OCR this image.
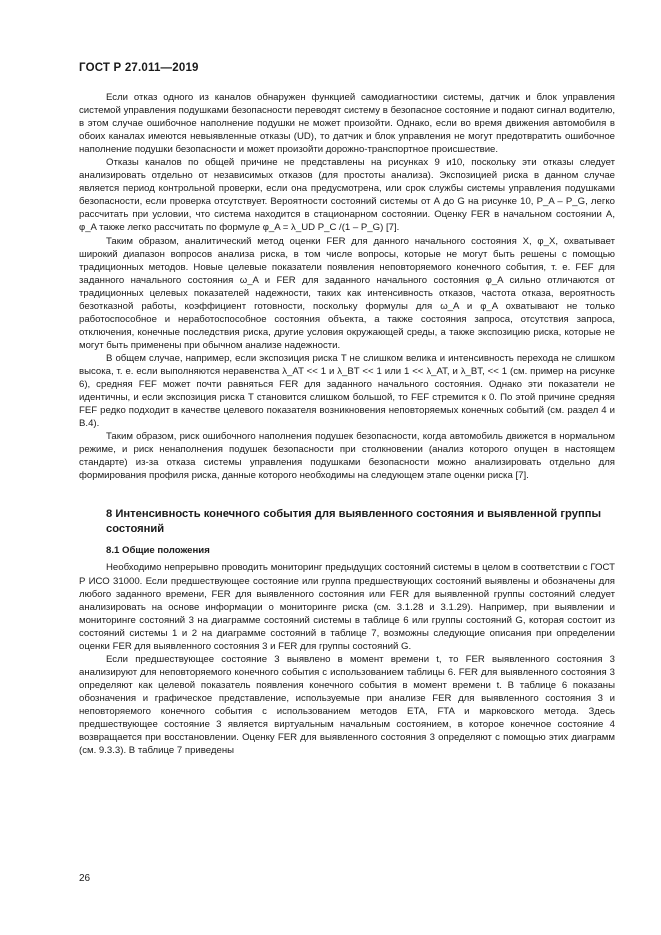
ГОСТ Р 27.011—2019

Если отказ одного из каналов обнаружен функцией самодиагностики системы, датчик и блок управления системой управления подушками безопасности переводят систему в безопасное состояние и подают сигнал водителю, в этом случае ошибочное наполнение подушки не может произойти. Однако, если во время движения автомобиля в обоих каналах имеются невыявленные отказы (UD), то датчик и блок управления не могут предотвратить ошибочное наполнение подушки безопасности и может произойти дорожно-транспортное происшествие.

Отказы каналов по общей причине не представлены на рисунках 9 и10, поскольку эти отказы следует анализировать отдельно от независимых отказов (для простоты анализа). Экспозицией риска в данном случае является период контрольной проверки, если она предусмотрена, или срок службы системы управления подушками безопасности, если проверка отсутствует. Вероятности состояний системы от А до G на рисунке 10, P_A – P_G, легко рассчитать при условии, что система находится в стационарном состоянии. Оценку FER в начальном состоянии A, φ_A также легко рассчитать по формуле φ_A = λ_UD P_C /(1 – P_G) [7].

Таким образом, аналитический метод оценки FER для данного начального состояния X, φ_X, охватывает широкий диапазон вопросов анализа риска, в том числе вопросы, которые не могут быть решены с помощью традиционных методов. Новые целевые показатели появления неповторяемого конечного события, т. е. FEF для заданного начального состояния ω_A и FER для заданного начального состояния φ_A сильно отличаются от традиционных целевых показателей надежности, таких как интенсивность отказов, частота отказа, вероятность безотказной работы, коэффициент готовности, поскольку формулы для ω_A и φ_A охватывают не только работоспособное и неработоспособное состояния объекта, а также состояния запроса, отсутствия запроса, отключения, конечные последствия риска, другие условия окружающей среды, а также экспозицию риска, которые не могут быть применены при обычном анализе надежности.

В общем случае, например, если экспозиция риска T не слишком велика и интенсивность перехода не слишком высока, т. е. если выполняются неравенства λ_AT << 1 и λ_BT << 1 или 1 << λ_AT, и λ_BT, << 1 (см. пример на рисунке 6), средняя FEF может почти равняться FER для заданного начального состояния. Однако эти показатели не идентичны, и если экспозиция риска T становится слишком большой, то FEF стремится к 0. По этой причине средняя FEF редко подходит в качестве целевого показателя возникновения неповторяемых конечных событий (см. раздел 4 и В.4).

Таким образом, риск ошибочного наполнения подушек безопасности, когда автомобиль движется в нормальном режиме, и риск ненаполнения подушек безопасности при столкновении (анализ которого опущен в настоящем стандарте) из-за отказа системы управления подушками безопасности можно анализировать отдельно для формирования профиля риска, данные которого необходимы на следующем этапе оценки риска [7].

8 Интенсивность конечного события для выявленного состояния и выявленной группы состояний
8.1 Общие положения

Необходимо непрерывно проводить мониторинг предыдущих состояний системы в целом в соответствии с ГОСТ Р ИСО 31000. Если предшествующее состояние или группа предшествующих состояний выявлены и обозначены для любого заданного времени, FER для выявленного состояния или FER для выявленной группы состояний следует анализировать на основе информации о мониторинге риска (см. 3.1.28 и 3.1.29). Например, при выявлении и мониторинге состояний 3 на диаграмме состояний системы в таблице 6 или группы состояний G, которая состоит из состояний системы 1 и 2 на диаграмме состояний в таблице 7, возможны следующие описания при определении оценки FER для выявленного состояния 3 и FER для группы состояний G.

Если предшествующее состояние 3 выявлено в момент времени t, то FER выявленного состояния 3 анализируют для неповторяемого конечного события с использованием таблицы 6. FER для выявленного состояния 3 определяют как целевой показатель появления конечного события в момент времени t. В таблице 6 показаны обозначения и графическое представление, используемые при анализе FER для выявленного состояния 3 и неповторяемого конечного события с использованием методов ETA, FTA и марковского метода. Здесь предшествующее состояние 3 является виртуальным начальным состоянием, в которое конечное состояние 4 возвращается при восстановлении. Оценку FER для выявленного состояния 3 определяют с помощью этих диаграмм (см. 9.3.3). В таблице 7 приведены

26
